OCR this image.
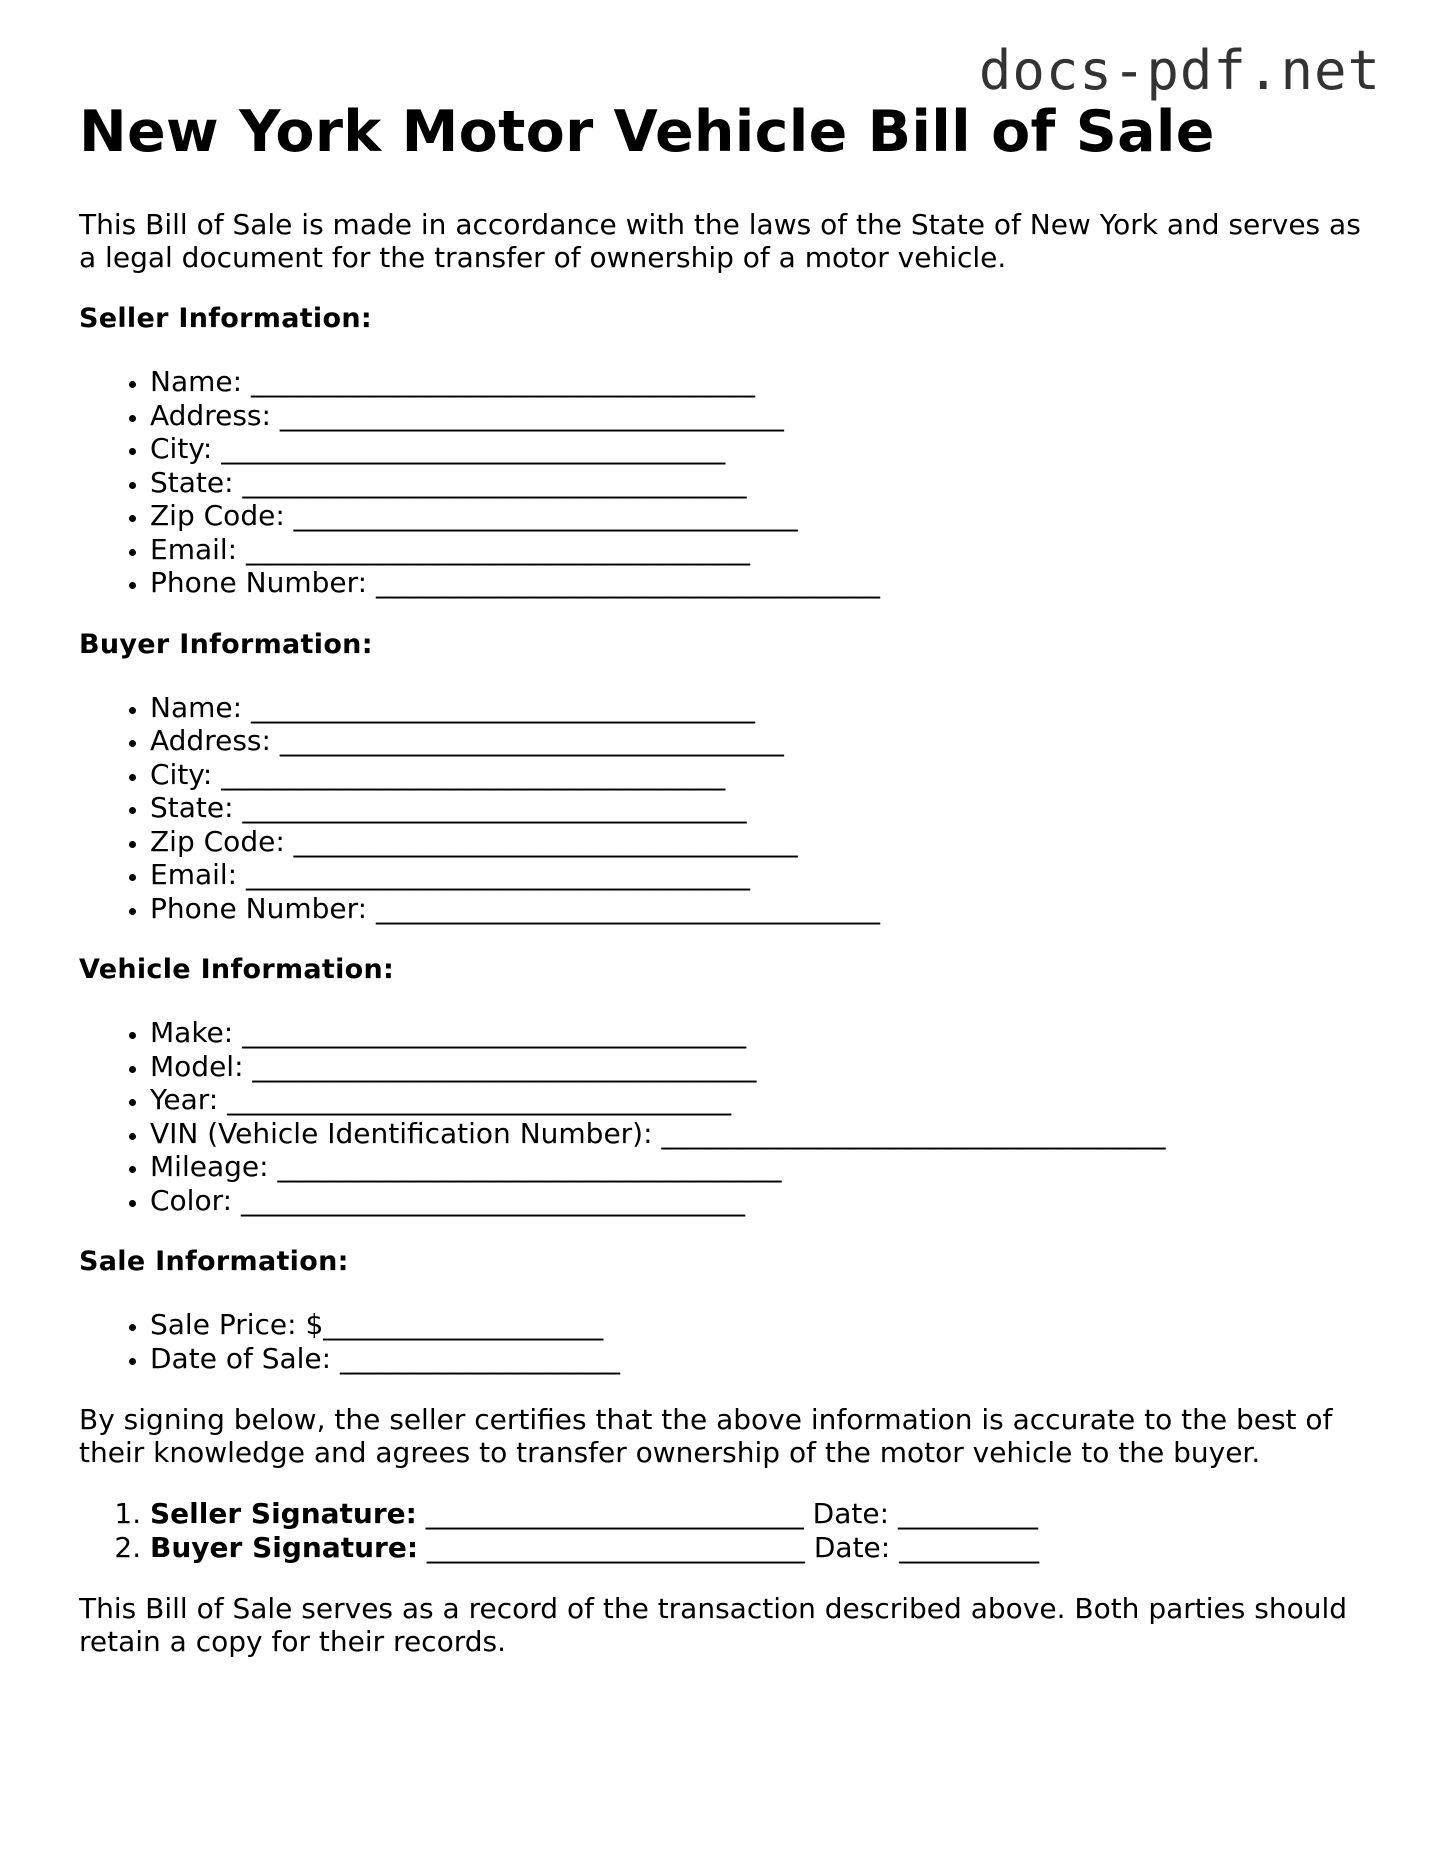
docs-pdf.net
New York Motor Vehicle Bill of Sale

This Bill of Sale is made in accordance with the laws of the State of New York and serves as a legal document for the transfer of ownership of a motor vehicle.

Seller Information:
• Name: ____________________________________
• Address: ____________________________________
• City: ____________________________________
• State: ____________________________________
• Zip Code: ____________________________________
• Email: ____________________________________
• Phone Number: ____________________________________
Buyer Information:
• Name: ____________________________________
• Address: ____________________________________
• City: ____________________________________
• State: ____________________________________
• Zip Code: ____________________________________
• Email: ____________________________________
• Phone Number: ____________________________________
Vehicle Information:
• Make: ____________________________________
• Model: ____________________________________
• Year: ____________________________________
• VIN (Vehicle Identification Number): ____________________________________
• Mileage: ____________________________________
• Color: ____________________________________
Sale Information:
• Sale Price: $____________________
• Date of Sale: ____________________

By signing below, the seller certifies that the above information is accurate to the best of their knowledge and agrees to transfer ownership of the motor vehicle to the buyer.

1. Seller Signature: ___________________________ Date: __________
2. Buyer Signature: ___________________________ Date: __________

This Bill of Sale serves as a record of the transaction described above. Both parties should retain a copy for their records.
